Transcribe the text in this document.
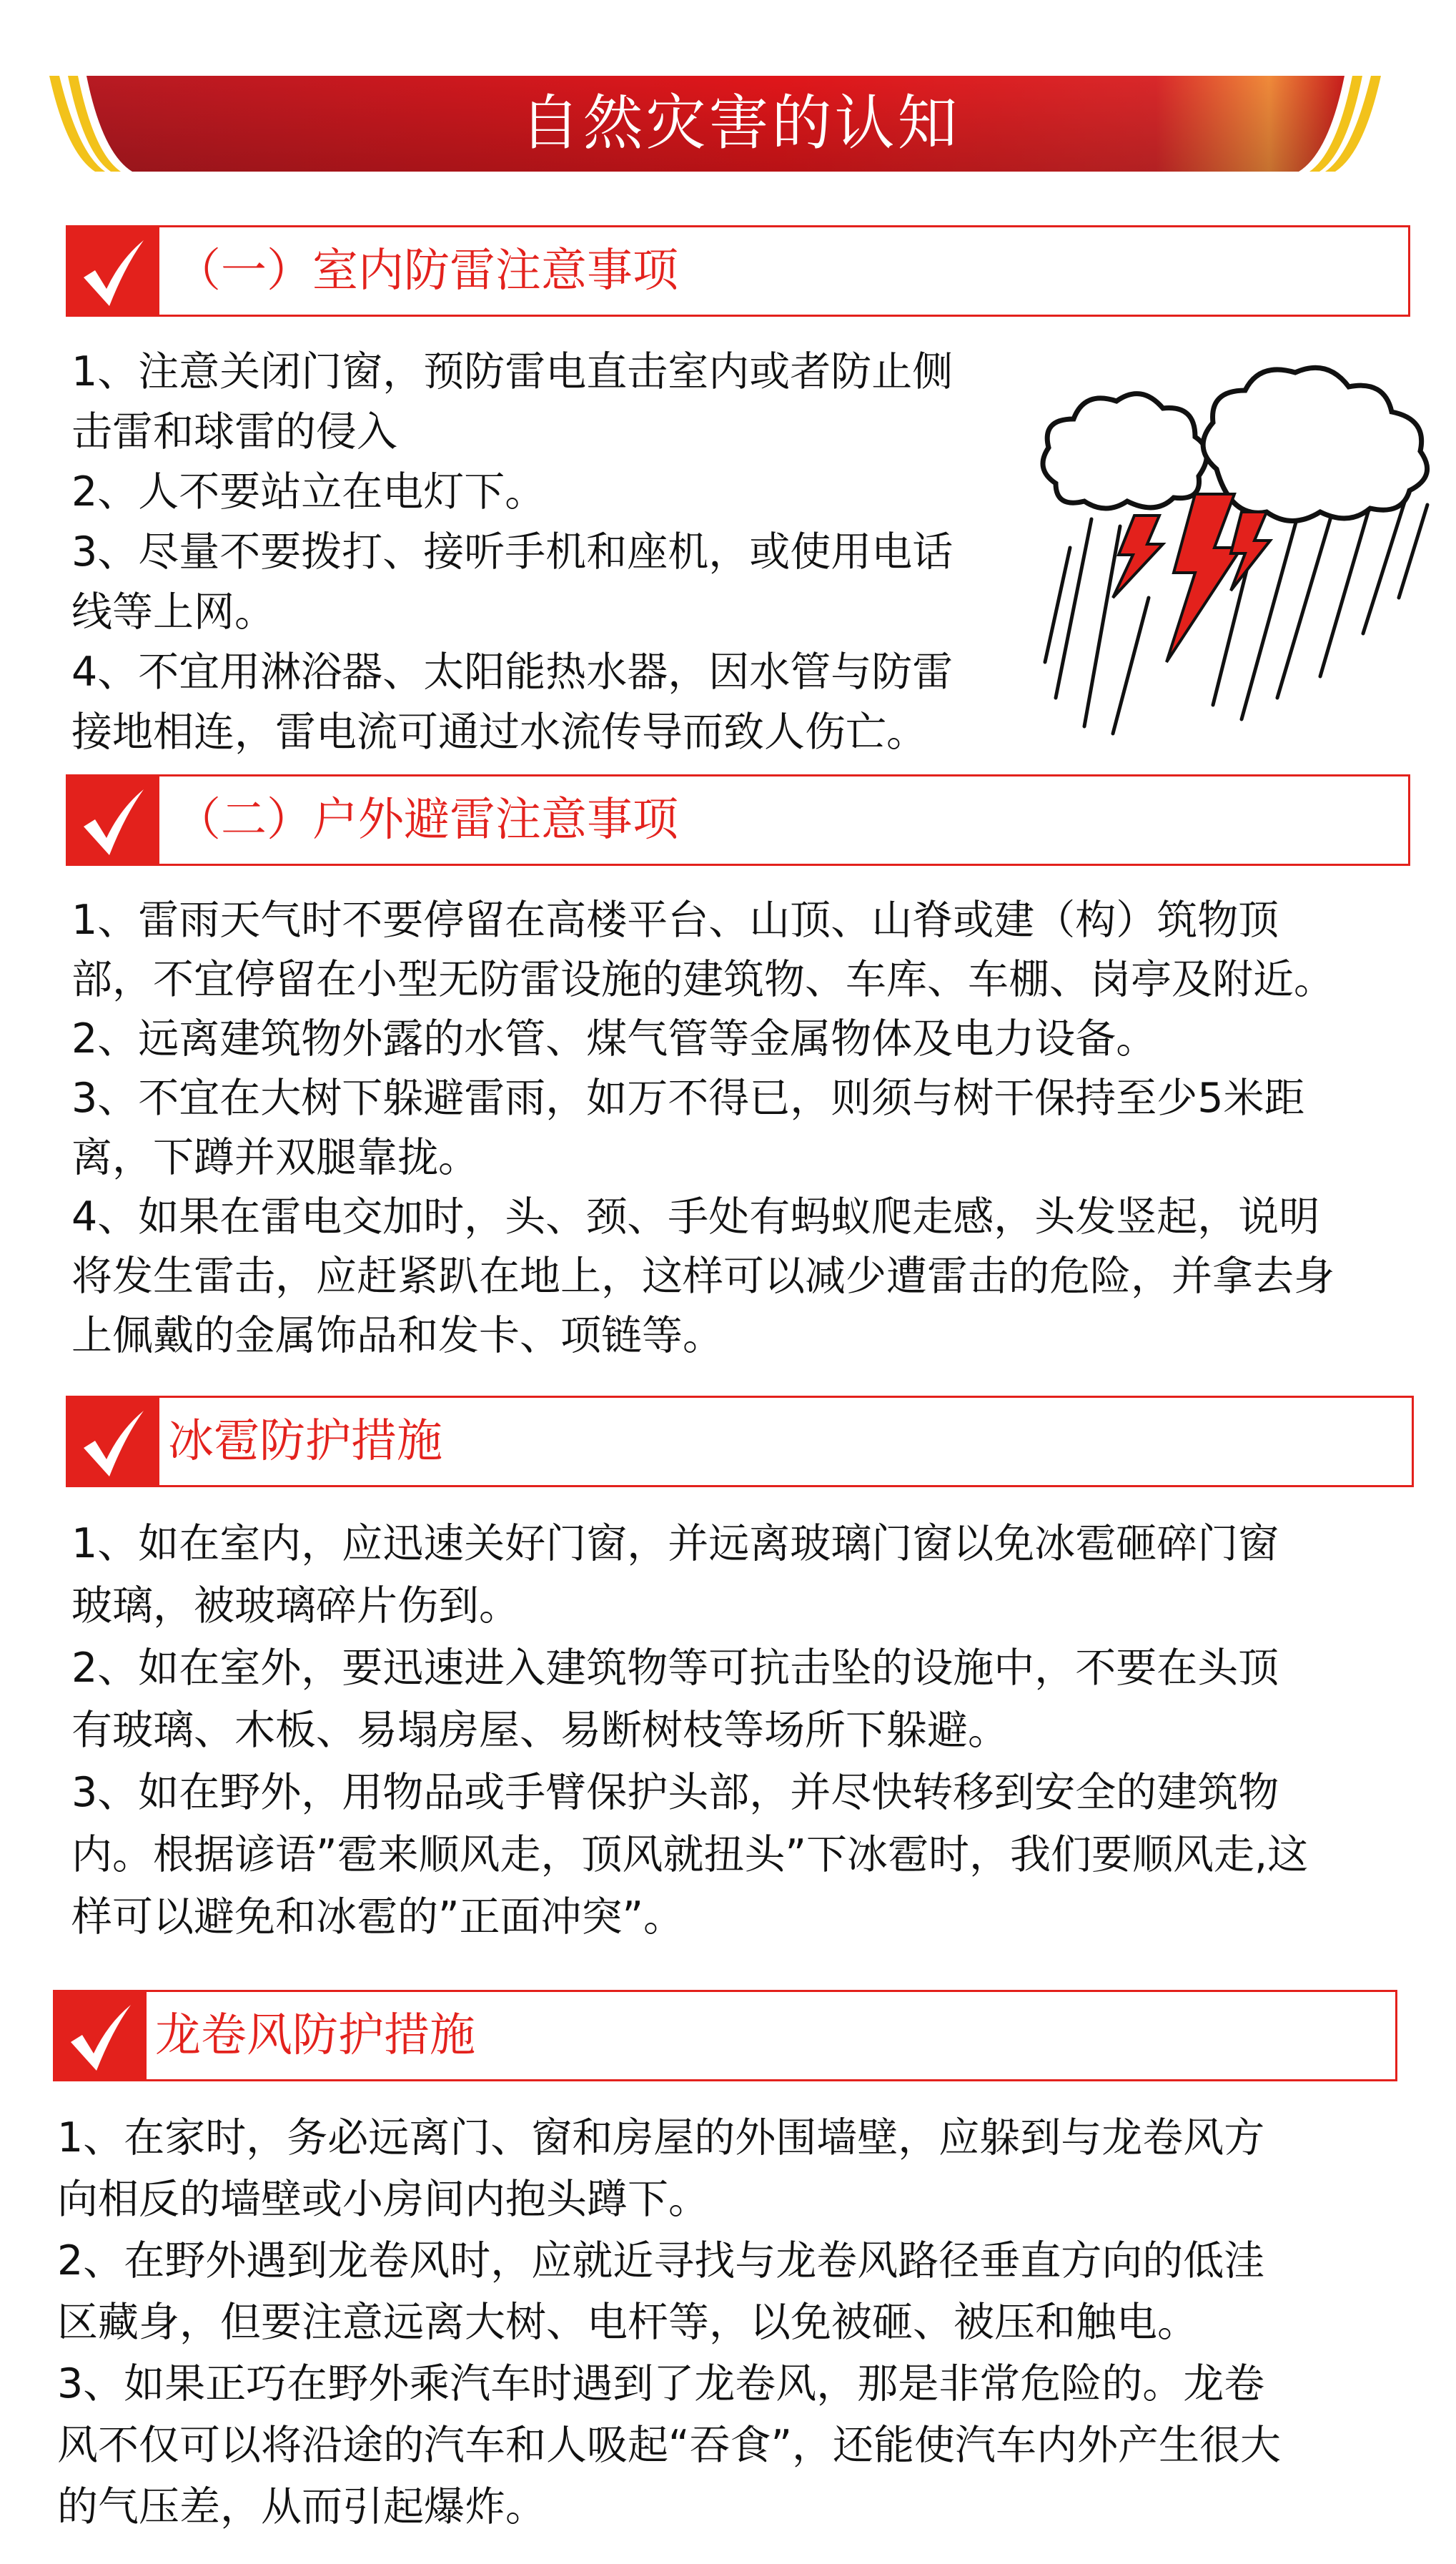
自然灾害的认知
（一）室内防雷注意事项
1、注意关闭门窗，预防雷电直击室内或者防止侧
击雷和球雷的侵入
2、人不要站立在电灯下。
3、尽量不要拨打、接听手机和座机，或使用电话
线等上网。
4、不宜用淋浴器、太阳能热水器，因水管与防雷
接地相连，雷电流可通过水流传导而致人伤亡。
（二）户外避雷注意事项
1、雷雨天气时不要停留在高楼平台、山顶、山脊或建（构）筑物顶
部，不宜停留在小型无防雷设施的建筑物、车库、车棚、岗亭及附近。
2、远离建筑物外露的水管、煤气管等金属物体及电力设备。
3、不宜在大树下躲避雷雨，如万不得已，则须与树干保持至少5米距
离，下蹲并双腿靠拢。
4、如果在雷电交加时，头、颈、手处有蚂蚁爬走感，头发竖起，说明
将发生雷击，应赶紧趴在地上，这样可以减少遭雷击的危险，并拿去身
上佩戴的金属饰品和发卡、项链等。
冰雹防护措施
1、如在室内，应迅速关好门窗，并远离玻璃门窗以免冰雹砸碎门窗
玻璃，被玻璃碎片伤到。
2、如在室外，要迅速进入建筑物等可抗击坠的设施中，不要在头顶
有玻璃、木板、易塌房屋、易断树枝等场所下躲避。
3、如在野外，用物品或手臂保护头部，并尽快转移到安全的建筑物
内。根据谚语”雹来顺风走，顶风就扭头”下冰雹时，我们要顺风走,这
样可以避免和冰雹的”正面冲突”。
龙卷风防护措施
1、在家时，务必远离门、窗和房屋的外围墙壁，应躲到与龙卷风方
向相反的墙壁或小房间内抱头蹲下。
2、在野外遇到龙卷风时，应就近寻找与龙卷风路径垂直方向的低洼
区藏身，但要注意远离大树、电杆等，以免被砸、被压和触电。
3、如果正巧在野外乘汽车时遇到了龙卷风，那是非常危险的。龙卷
风不仅可以将沿途的汽车和人吸起“吞食”，还能使汽车内外产生很大
的气压差，从而引起爆炸。
